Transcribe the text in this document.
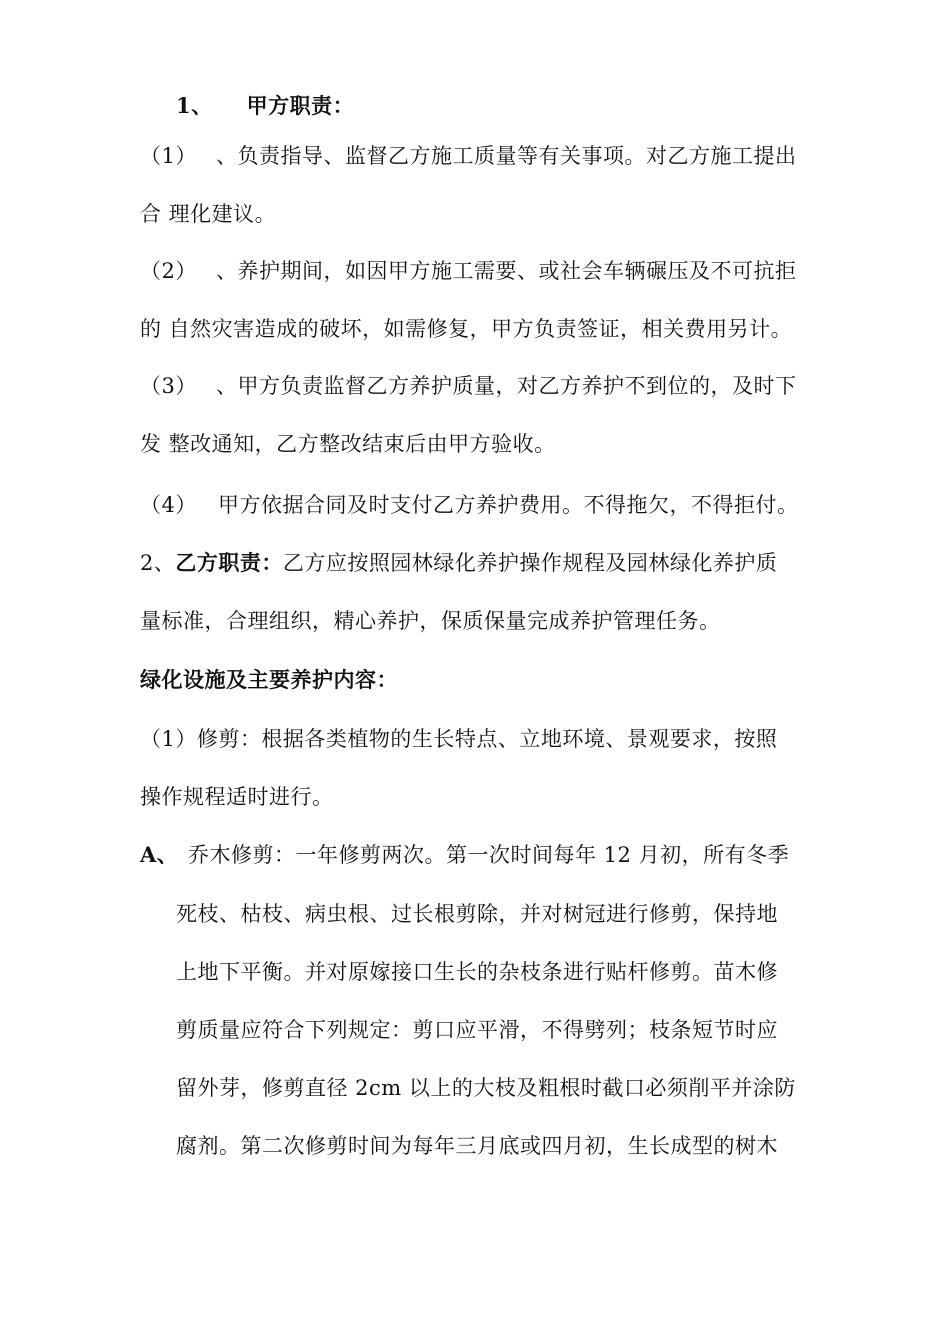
1、 甲方职责：
（1） 、负责指导、监督乙方施工质量等有关事项。对乙方施工提出
合 理化建议。
（2） 、养护期间，如因甲方施工需要、或社会车辆碾压及不可抗拒
的 自然灾害造成的破坏，如需修复，甲方负责签证，相关费用另计。
（3） 、甲方负责监督乙方养护质量，对乙方养护不到位的，及时下
发 整改通知，乙方整改结束后由甲方验收。
（4） 甲方依据合同及时支付乙方养护费用。不得拖欠，不得拒付。
2、乙方职责：乙方应按照园林绿化养护操作规程及园林绿化养护质
量标准，合理组织，精心养护，保质保量完成养护管理任务。
绿化设施及主要养护内容：
（1）修剪：根据各类植物的生长特点、立地环境、景观要求，按照
操作规程适时进行。
A、 乔木修剪：一年修剪两次。第一次时间每年 12 月初，所有冬季
死枝、枯枝、病虫根、过长根剪除，并对树冠进行修剪，保持地
上地下平衡。并对原嫁接口生长的杂枝条进行贴杆修剪。苗木修
剪质量应符合下列规定：剪口应平滑，不得劈列；枝条短节时应
留外芽，修剪直径 2cm 以上的大枝及粗根时截口必须削平并涂防
腐剂。第二次修剪时间为每年三月底或四月初，生长成型的树木
